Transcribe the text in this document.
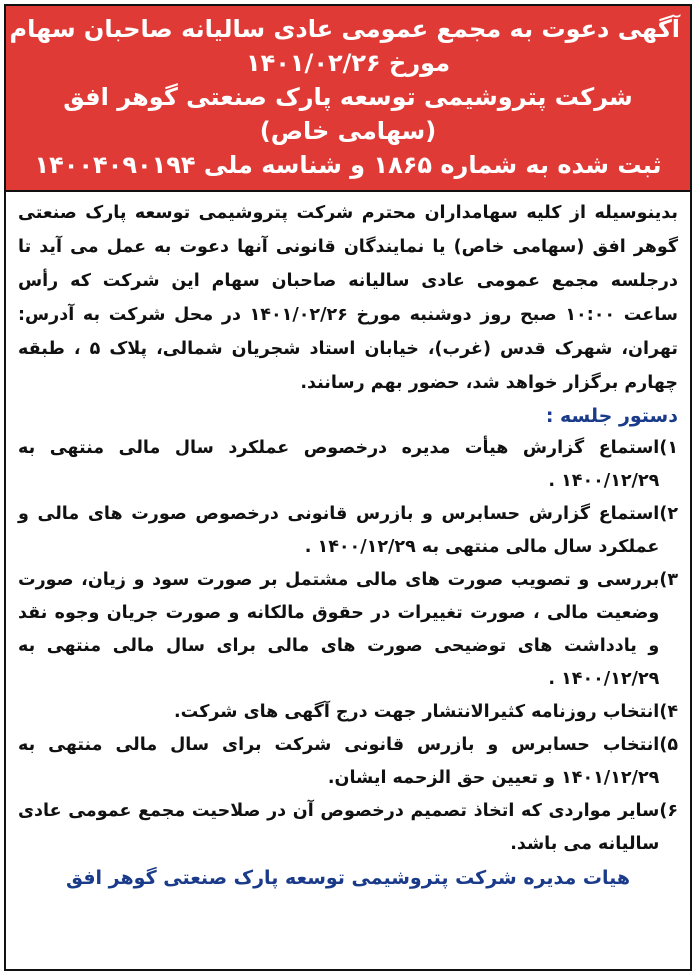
آگهی دعوت به مجمع عمومی عادی سالیانه صاحبان سهام
مورخ ۱۴۰۱/۰۲/۲۶
شرکت پتروشیمی توسعه پارک صنعتی گوهر افق
(سهامی خاص)
ثبت شده به شماره ۱۸۶۵ و شناسه ملی ۱۴۰۰۴۰۹۰۱۹۴

بدینوسیله از کلیه سهامداران محترم شرکت پتروشیمی توسعه پارک صنعتی گوهر افق (سهامی خاص) یا نمایندگان قانونی آنها دعوت به عمل می آید تا درجلسه مجمع عمومی عادی سالیانه صاحبان سهام این شرکت که رأس ساعت ۱۰:۰۰ صبح روز دوشنبه مورخ ۱۴۰۱/۰۲/۲۶ در محل شرکت به آدرس: تهران، شهرک قدس (غرب)، خیابان استاد شجریان شمالی، پلاک ۵ ، طبقه چهارم برگزار خواهد شد، حضور بهم رسانند.

دستور جلسه :

۱)
استماع گزارش هیأت مدیره درخصوص عملکرد سال مالی منتهی به ۱۴۰۰/۱۲/۲۹ .
۲)
استماع گزارش حسابرس و بازرس قانونی درخصوص صورت های مالی و عملکرد سال مالی منتهی به ۱۴۰۰/۱۲/۲۹ .
۳)
بررسی و تصویب صورت های مالی مشتمل بر صورت سود و زیان، صورت وضعیت مالی ، صورت تغییرات در حقوق مالکانه و صورت جریان وجوه نقد و یادداشت های توضیحی صورت های مالی برای سال مالی منتهی به ۱۴۰۰/۱۲/۲۹ .
۴)
انتخاب روزنامه کثیرالانتشار جهت درج آگهی های شرکت.
۵)
انتخاب حسابرس و بازرس قانونی شرکت برای سال مالی منتهی به ۱۴۰۱/۱۲/۲۹ و تعیین حق الزحمه ایشان.
۶)
سایر مواردی که اتخاذ تصمیم درخصوص آن در صلاحیت مجمع عمومی عادی سالیانه می باشد.
هیات مدیره شرکت پتروشیمی توسعه پارک صنعتی گوهر افق
